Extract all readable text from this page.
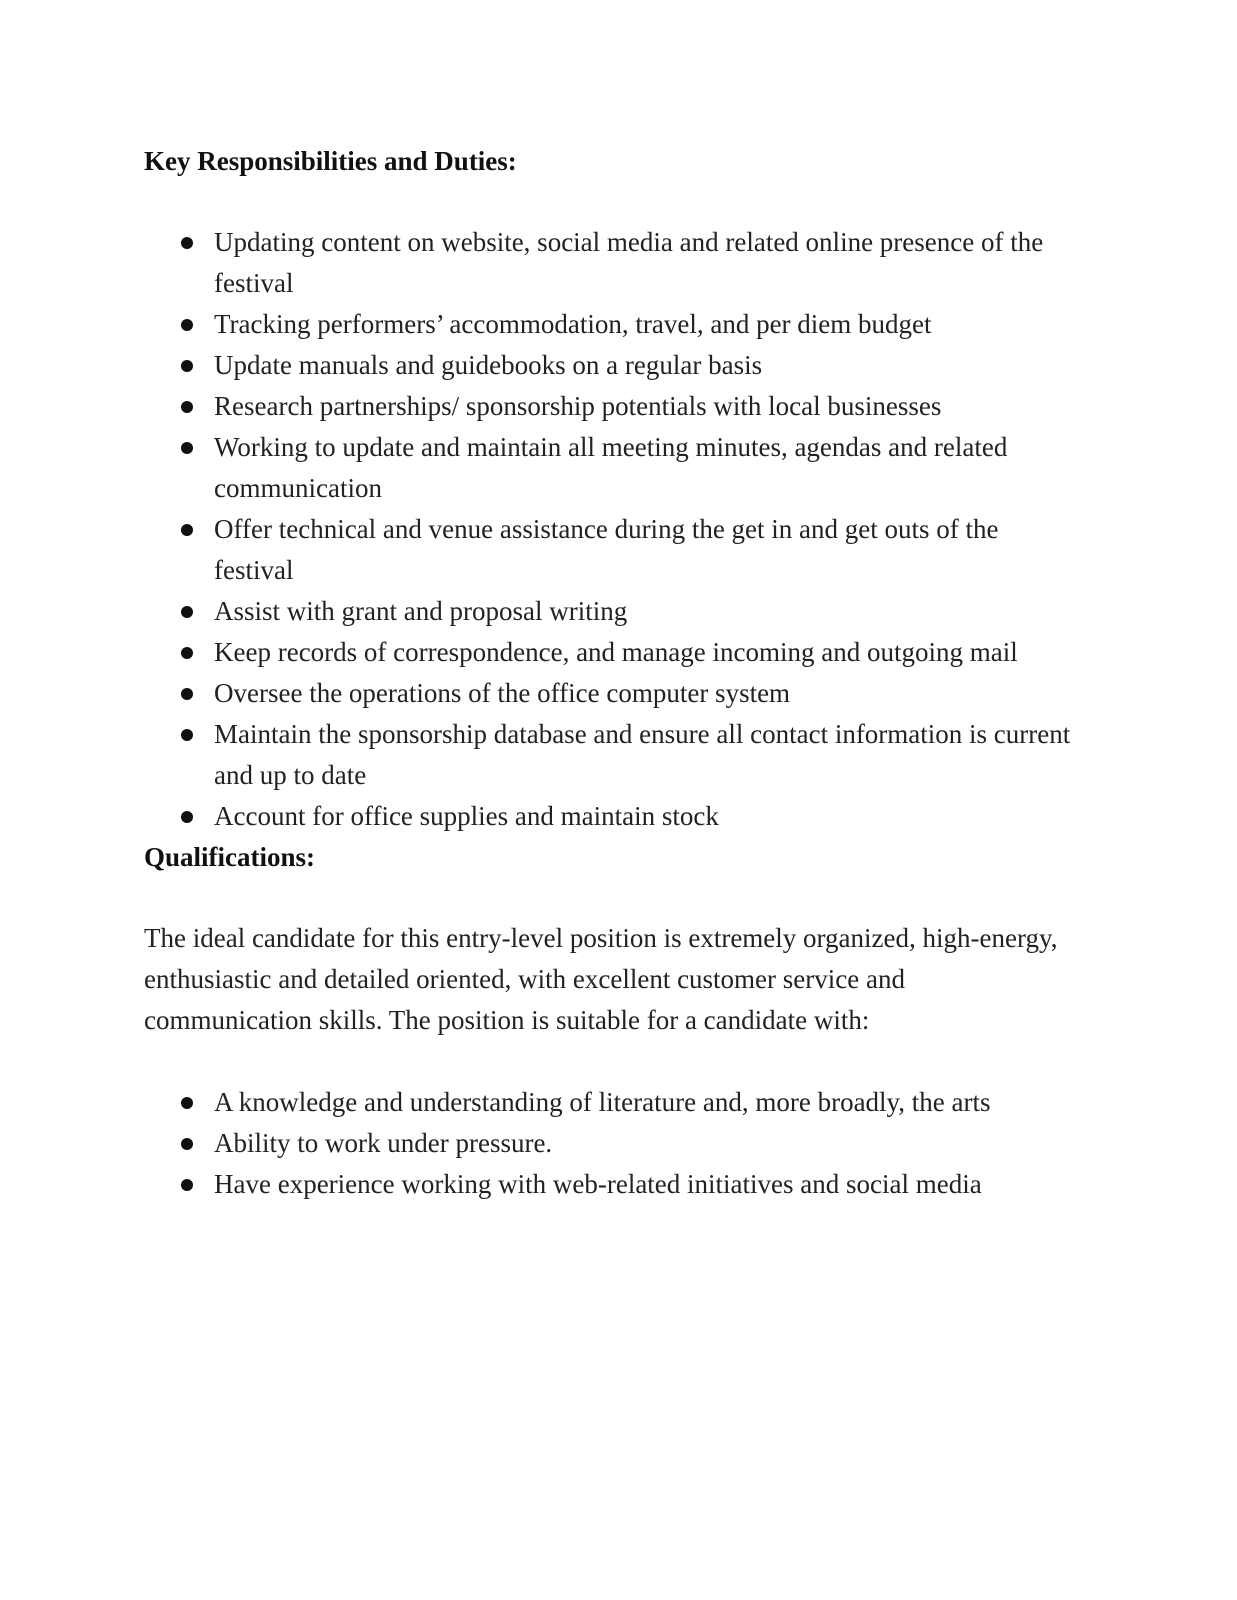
Key Responsibilities and Duties:
Updating content on website, social media and related online presence of the festival
Tracking performers’ accommodation, travel, and per diem budget
Update manuals and guidebooks on a regular basis
Research partnerships/ sponsorship potentials with local businesses
Working to update and maintain all meeting minutes, agendas and related communication
Offer technical and venue assistance during the get in and get outs of the festival
Assist with grant and proposal writing
Keep records of correspondence, and manage incoming and outgoing mail
Oversee the operations of the office computer system
Maintain the sponsorship database and ensure all contact information is current and up to date
Account for office supplies and maintain stock
Qualifications:

The ideal candidate for this entry-level position is extremely organized, high-energy, enthusiastic and detailed oriented, with excellent customer service and communication skills. The position is suitable for a candidate with:

A knowledge and understanding of literature and, more broadly, the arts
Ability to work under pressure.
Have experience working with web-related initiatives and social media
